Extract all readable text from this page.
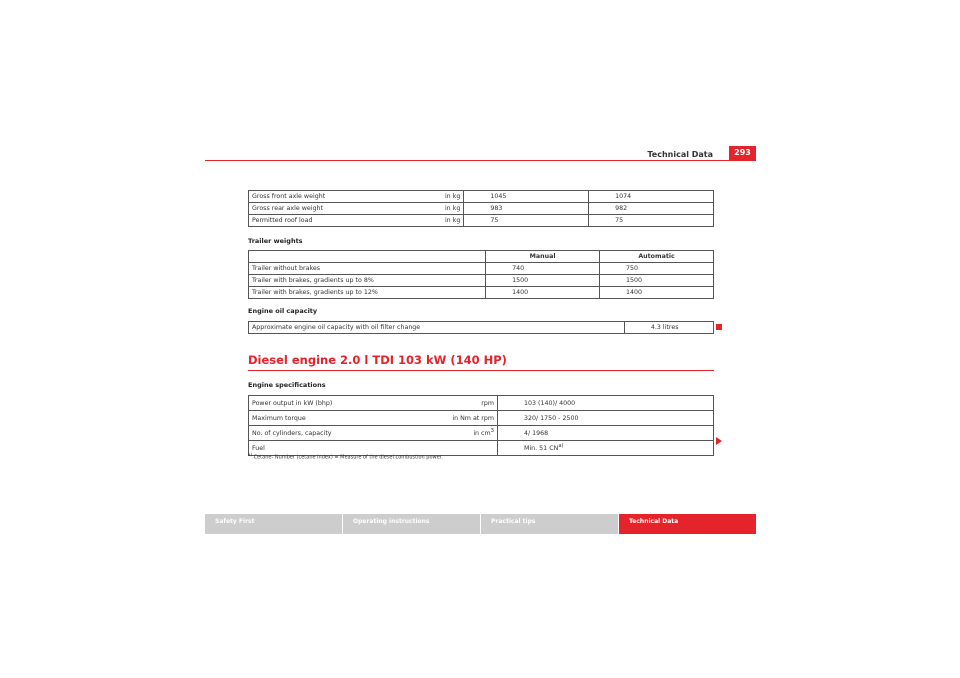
Technical Data	293
Gross front axle weight	in kg	1045	1074
Gross rear axle weight	in kg	983	982
Permitted roof load	in kg	75	75
Trailer weights
		Manual	Automatic
Trailer without brakes		740	750
Trailer with brakes, gradients up to 8%		1500	1500
Trailer with brakes, gradients up to 12%		1400	1400
Engine oil capacity
Approximate engine oil capacity with oil filter change	4.3 litres
Diesel engine 2.0 l TDI 103 kW (140 HP)
Engine specifications
Power output in kW (bhp)	rpm	103 (140)/ 4000
Maximum torque	in Nm at rpm	320/ 1750 - 2500
No. of cylinders, capacity	in $cm^3$	4/ 1968
Fuel		Min. 51 CN$^{a)}$
$^{a)}$ Cetane- Number (cetane index) = Measure of the diesel combustion power.
Safety First	Operating instructions	Practical tips	Technical Data
